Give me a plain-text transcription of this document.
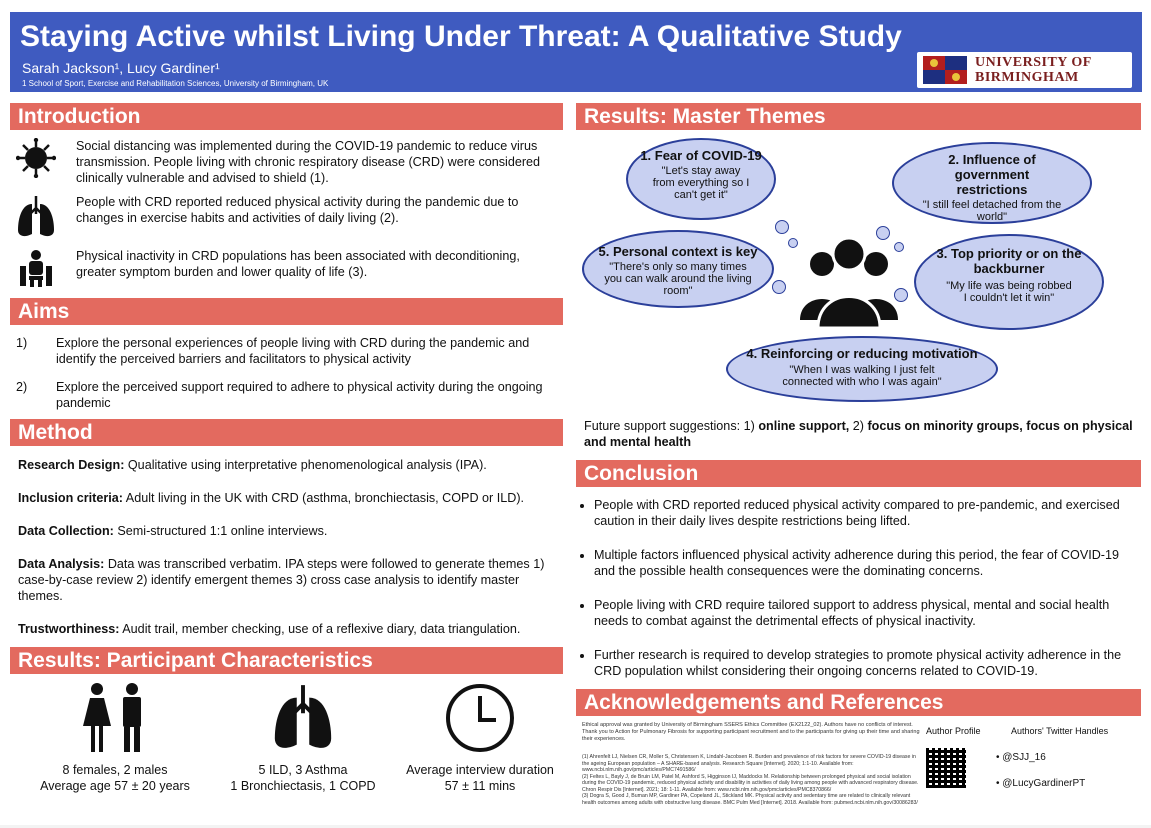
Staying Active whilst Living Under Threat: A Qualitative Study
Sarah Jackson¹, Lucy Gardiner¹
1 School of Sport, Exercise and Rehabilitation Sciences, University of Birmingham, UK
UNIVERSITY OF
BIRMINGHAM
Introduction
Social distancing was implemented during the COVID-19 pandemic to reduce virus transmission. People living with chronic respiratory disease (CRD) were considered clinically vulnerable and advised to shield (1).
People with CRD reported reduced physical activity during the pandemic due to changes in exercise habits and activities of daily living (2).
Physical inactivity in CRD populations has been associated with deconditioning, greater symptom burden and lower quality of life (3).
Aims
1)	Explore the personal experiences of people living with CRD during the pandemic and identify the perceived barriers and facilitators to physical activity
2)	Explore the perceived support required to adhere to physical activity during the ongoing pandemic
Method
Research Design: Qualitative using interpretative phenomenological analysis (IPA).
Inclusion criteria: Adult living in the UK with CRD (asthma, bronchiectasis, COPD or ILD).
Data Collection: Semi-structured 1:1 online interviews.
Data Analysis: Data was transcribed verbatim. IPA steps were followed to generate themes 1) case-by-case review 2) identify emergent themes 3) cross case analysis to identify master themes.
Trustworthiness: Audit trail, member checking, use of a reflexive diary, data triangulation.
Results: Participant Characteristics
8 females, 2 males
Average age 57 ± 20 years
5 ILD, 3 Asthma
1 Bronchiectasis, 1 COPD
Average interview duration
57 ± 11 mins
Results: Master Themes
1. Fear of COVID-19
"Let's stay away from everything so I can't get it"
2. Influence of government restrictions
"I still feel detached from the world"
5. Personal context is key
"There's only so many times you can walk around the living room"
3. Top priority or on the backburner
"My life was being robbed I couldn't let it win"
4. Reinforcing or reducing motivation
"When I was walking I just felt connected with who I was again"
Future support suggestions: 1) online support, 2) focus on minority groups, focus on physical and mental health
Conclusion
• People with CRD reported reduced physical activity compared to pre-pandemic, and exercised caution in their daily lives despite restrictions being lifted.
• Multiple factors influenced physical activity adherence during this period, the fear of COVID-19 and the possible health consequences were the dominating concerns.
• People living with CRD require tailored support to address physical, mental and social health needs to combat against the detrimental effects of physical inactivity.
• Further research is required to develop strategies to promote physical activity adherence in the CRD population whilst considering their ongoing concerns related to COVID-19.
Acknowledgements and References
Ethical approval was granted by University of Birmingham SSERS Ethics Committee (EX2122_02). Authors have no conflicts of interest. Thank you to Action for Pulmonary Fibrosis for supporting participant recruitment and to the participants for giving up their time and sharing their experiences.
(1) Ahrenfelt LJ, Nielsen CR, Moller S, Christensen K, Lindahl-Jacobsen R. Burden and prevalence of risk factors for severe COVID-19 disease in the ageing European population – A SHARE-based analysis. Research Square [Internet]. 2020; 1:1-10. Available from: www.ncbi.nlm.nih.gov/pmc/articles/PMC7491586/
(2) Feltes L, Bayly J, de Bruin LM, Patel M, Ashford S, Higginson IJ, Maddocks M. Relationship between prolonged physical and social isolation during the COVID-19 pandemic, reduced physical activity and disability in activities of daily living among people with advanced respiratory disease. Chron Respir Dis [Internet]. 2021; 18: 1-11. Available from: www.ncbi.nlm.nih.gov/pmc/articles/PMC8370866/
(3) Dogra S, Good J, Buman MP, Gardiner PA, Copeland JL, Stickland MK. Physical activity and sedentary time are related to clinically relevant health outcomes among adults with obstructive lung disease. BMC Pulm Med [Internet]. 2018. Available from: pubmed.ncbi.nlm.nih.gov/30086283/
Author Profile	Authors' Twitter Handles
• @SJJ_16
• @LucyGardinerPT
